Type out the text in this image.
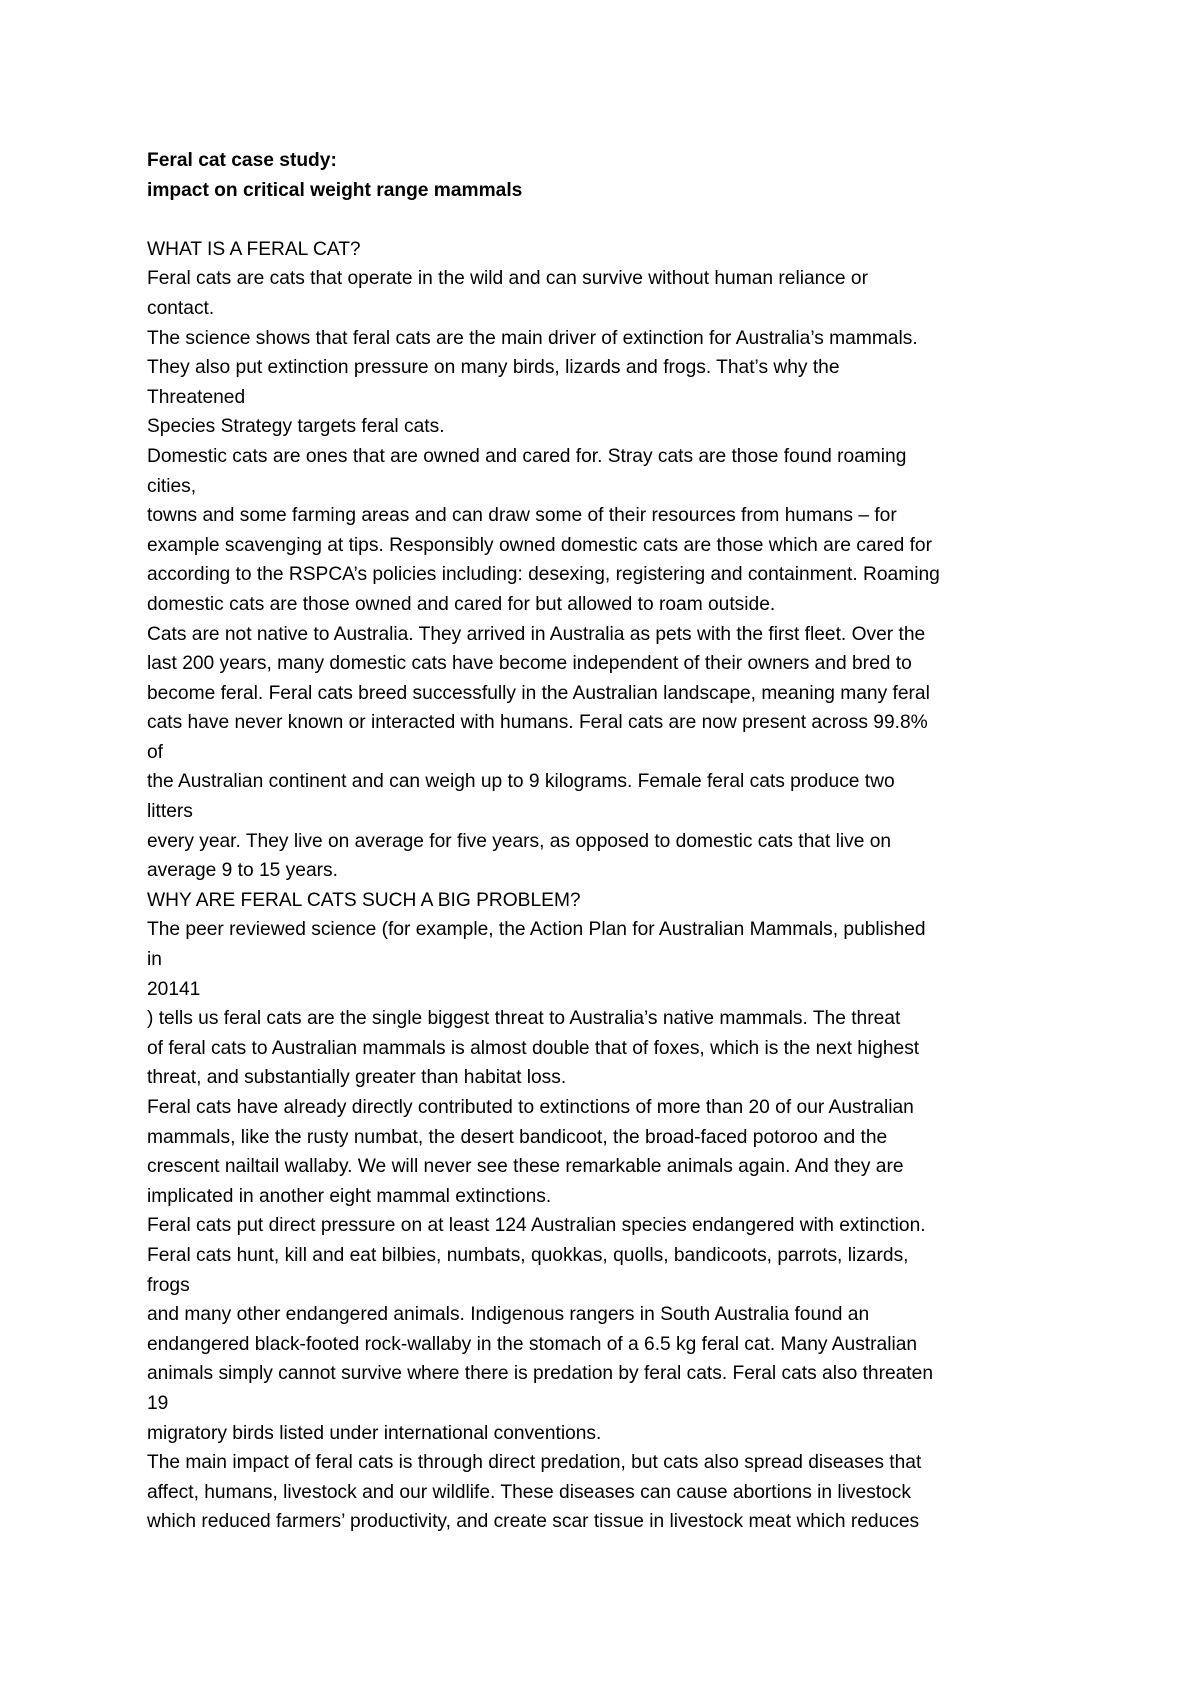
Feral cat case study:
impact on critical weight range mammals
WHAT IS A FERAL CAT?
Feral cats are cats that operate in the wild and can survive without human reliance or
contact.
The science shows that feral cats are the main driver of extinction for Australia’s mammals.
They also put extinction pressure on many birds, lizards and frogs. That’s why the
Threatened
Species Strategy targets feral cats.
Domestic cats are ones that are owned and cared for. Stray cats are those found roaming
cities,
towns and some farming areas and can draw some of their resources from humans – for
example scavenging at tips. Responsibly owned domestic cats are those which are cared for
according to the RSPCA’s policies including: desexing, registering and containment. Roaming
domestic cats are those owned and cared for but allowed to roam outside.
Cats are not native to Australia. They arrived in Australia as pets with the first fleet. Over the
last 200 years, many domestic cats have become independent of their owners and bred to
become feral. Feral cats breed successfully in the Australian landscape, meaning many feral
cats have never known or interacted with humans. Feral cats are now present across 99.8%
of
the Australian continent and can weigh up to 9 kilograms. Female feral cats produce two
litters
every year. They live on average for five years, as opposed to domestic cats that live on
average 9 to 15 years.
WHY ARE FERAL CATS SUCH A BIG PROBLEM?
The peer reviewed science (for example, the Action Plan for Australian Mammals, published
in
20141
) tells us feral cats are the single biggest threat to Australia’s native mammals. The threat
of feral cats to Australian mammals is almost double that of foxes, which is the next highest
threat, and substantially greater than habitat loss.
Feral cats have already directly contributed to extinctions of more than 20 of our Australian
mammals, like the rusty numbat, the desert bandicoot, the broad-faced potoroo and the
crescent nailtail wallaby. We will never see these remarkable animals again. And they are
implicated in another eight mammal extinctions.
Feral cats put direct pressure on at least 124 Australian species endangered with extinction.
Feral cats hunt, kill and eat bilbies, numbats, quokkas, quolls, bandicoots, parrots, lizards,
frogs
and many other endangered animals. Indigenous rangers in South Australia found an
endangered black-footed rock-wallaby in the stomach of a 6.5 kg feral cat. Many Australian
animals simply cannot survive where there is predation by feral cats. Feral cats also threaten
19
migratory birds listed under international conventions.
The main impact of feral cats is through direct predation, but cats also spread diseases that
affect, humans, livestock and our wildlife. These diseases can cause abortions in livestock
which reduced farmers’ productivity, and create scar tissue in livestock meat which reduces
